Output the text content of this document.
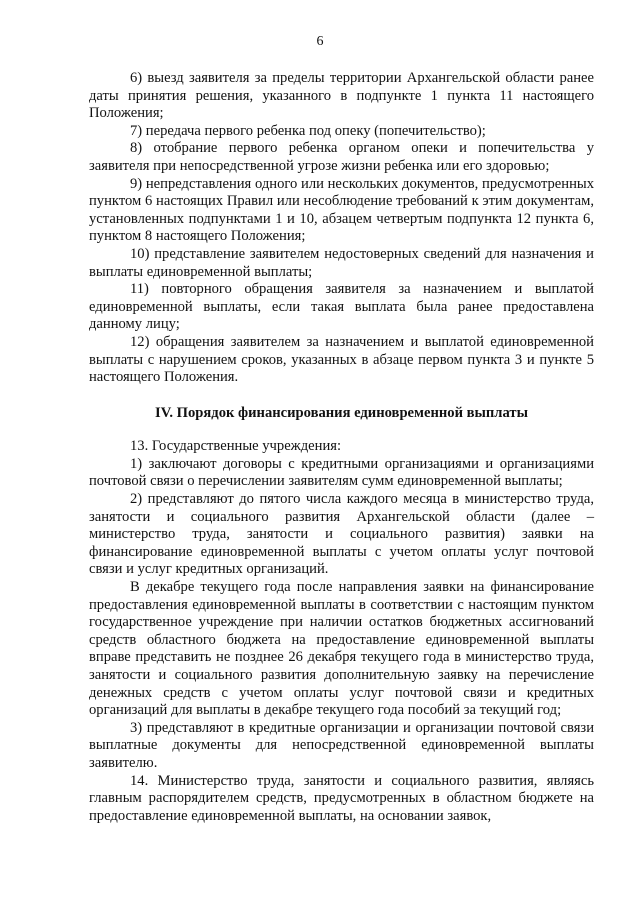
6

6) выезд заявителя за пределы территории Архангельской области ранее даты принятия решения, указанного в подпункте 1 пункта 11 настоящего Положения;

7) передача первого ребенка под опеку (попечительство);

8) отобрание первого ребенка органом опеки и попечительства у заявителя при непосредственной угрозе жизни ребенка или его здоровью;

9) непредставления одного или нескольких документов, предусмотренных пунктом 6 настоящих Правил или несоблюдение требований к этим документам, установленных подпунктами 1 и 10, абзацем четвертым подпункта 12 пункта 6, пунктом 8 настоящего Положения;

10) представление заявителем недостоверных сведений для назначения и выплаты единовременной выплаты;

11) повторного обращения заявителя за назначением и выплатой единовременной выплаты, если такая выплата была ранее предоставлена данному лицу;

12) обращения заявителем за назначением и выплатой единовременной выплаты с нарушением сроков, указанных в абзаце первом пункта 3 и пункте 5 настоящего Положения.

IV. Порядок финансирования единовременной выплаты

13. Государственные учреждения:

1) заключают договоры с кредитными организациями и организациями почтовой связи о перечислении заявителям сумм единовременной выплаты;

2) представляют до пятого числа каждого месяца в министерство труда, занятости и социального развития Архангельской области (далее – министерство труда, занятости и социального развития) заявки на финансирование единовременной выплаты с учетом оплаты услуг почтовой связи и услуг кредитных организаций.

В декабре текущего года после направления заявки на финансирование предоставления единовременной выплаты в соответствии с настоящим пунктом государственное учреждение при наличии остатков бюджетных ассигнований средств областного бюджета на предоставление единовременной выплаты вправе представить не позднее 26 декабря текущего года в министерство труда, занятости и социального развития дополнительную заявку на перечисление денежных средств с учетом оплаты услуг почтовой связи и кредитных организаций для выплаты в декабре текущего года пособий за текущий год;

3) представляют в кредитные организации и организации почтовой связи выплатные документы для непосредственной единовременной выплаты заявителю.

14. Министерство труда, занятости и социального развития, являясь главным распорядителем средств, предусмотренных в областном бюджете на предоставление единовременной выплаты, на основании заявок,
